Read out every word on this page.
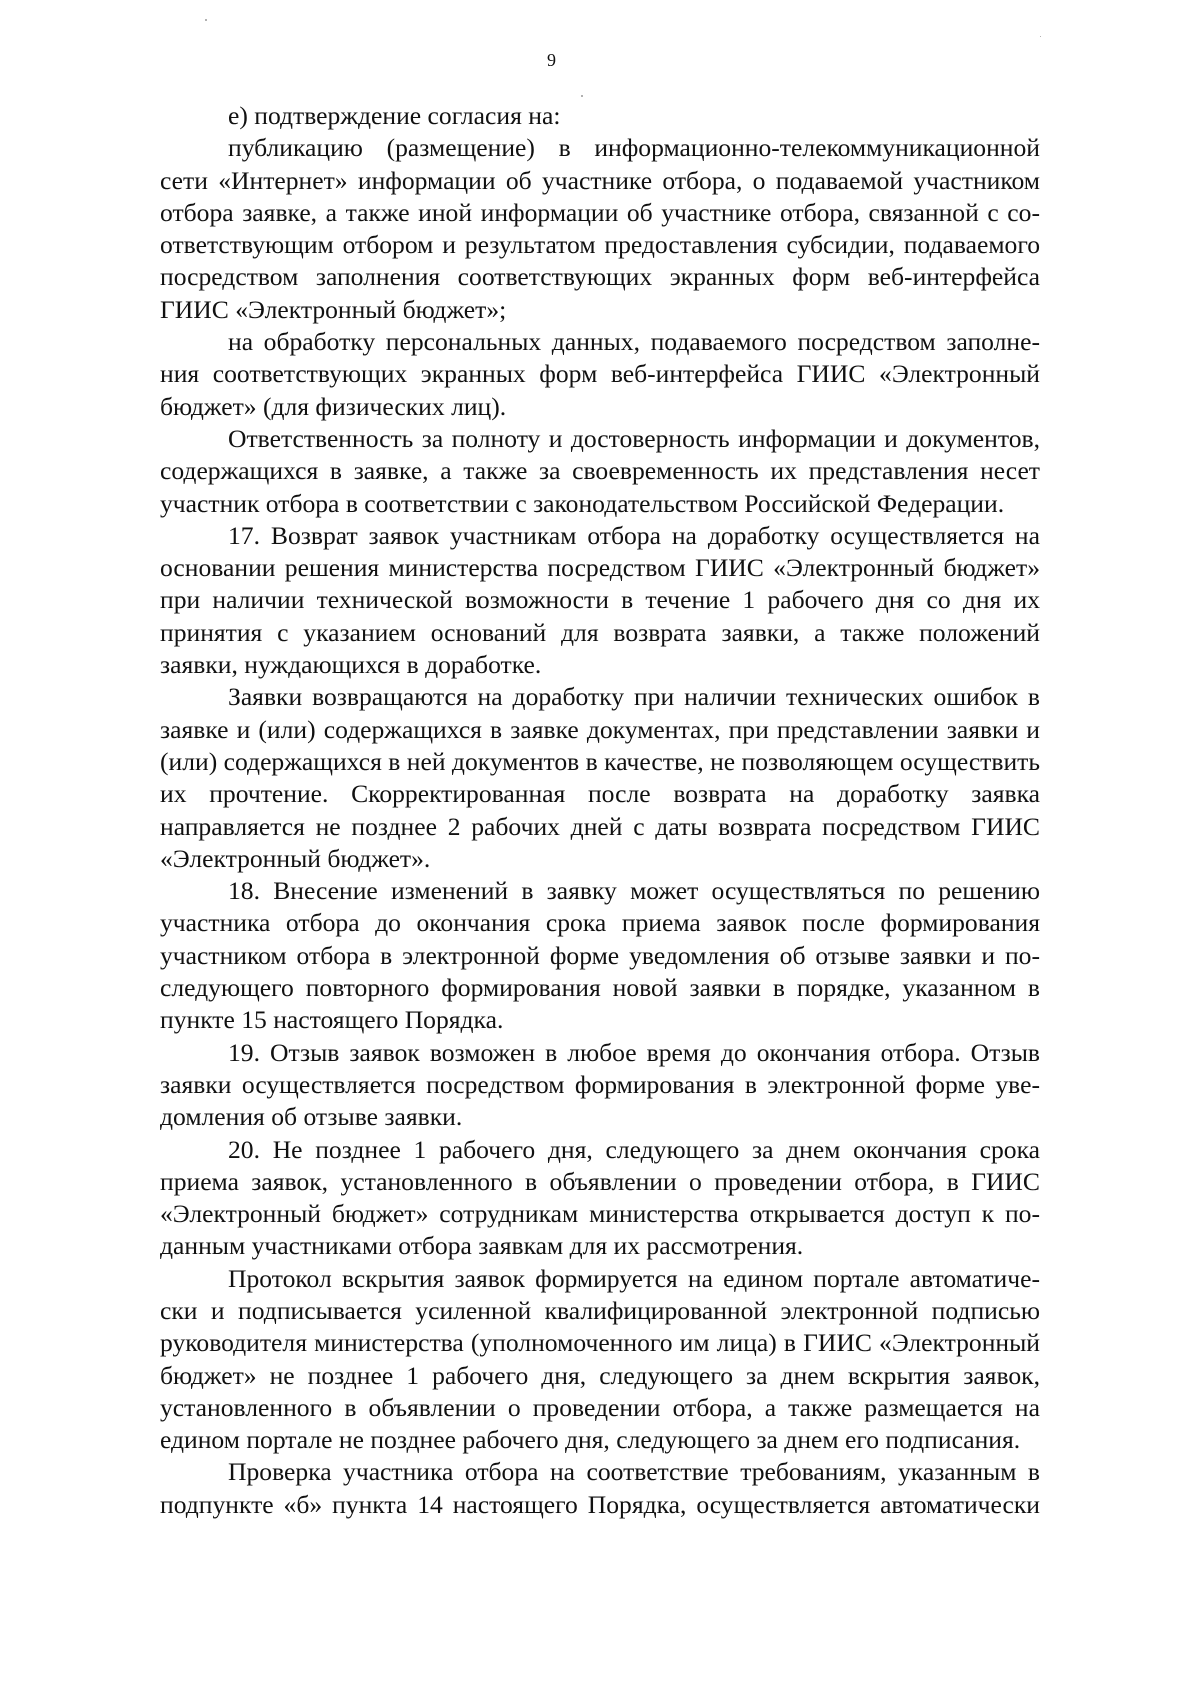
9

е) подтверждение согласия на:

публикацию (размещение) в информационно-телекоммуникационной сети «Интернет» информации об участнике отбора, о подаваемой участником отбора заявке, а также иной информации об участнике отбора, связанной с соответствующим отбором и результатом предоставления субсидии, подаваемого посредством заполнения соответствующих экранных форм веб-интерфейса ГИИС «Электронный бюджет»;

на обработку персональных данных, подаваемого посредством заполнения соответствующих экранных форм веб-интерфейса ГИИС «Электронный бюджет» (для физических лиц).

Ответственность за полноту и достоверность информации и документов, содержащихся в заявке, а также за своевременность их представления несет участник отбора в соответствии с законодательством Российской Федерации.

17. Возврат заявок участникам отбора на доработку осуществляется на основании решения министерства посредством ГИИС «Электронный бюджет» при наличии технической возможности в течение 1 рабочего дня со дня их принятия с указанием оснований для возврата заявки, а также положений заявки, нуждающихся в доработке.

Заявки возвращаются на доработку при наличии технических ошибок в заявке и (или) содержащихся в заявке документах, при представлении заявки и (или) содержащихся в ней документов в качестве, не позволяющем осуществить их прочтение. Скорректированная после возврата на доработку заявка направляется не позднее 2 рабочих дней с даты возврата посредством ГИИС «Электронный бюджет».

18. Внесение изменений в заявку может осуществляться по решению участника отбора до окончания срока приема заявок после формирования участником отбора в электронной форме уведомления об отзыве заявки и последующего повторного формирования новой заявки в порядке, указанном в пункте 15 настоящего Порядка.

19. Отзыв заявок возможен в любое время до окончания отбора. Отзыв заявки осуществляется посредством формирования в электронной форме уведомления об отзыве заявки.

20. Не позднее 1 рабочего дня, следующего за днем окончания срока приема заявок, установленного в объявлении о проведении отбора, в ГИИС «Электронный бюджет» сотрудникам министерства открывается доступ к поданным участниками отбора заявкам для их рассмотрения.

Протокол вскрытия заявок формируется на едином портале автоматически и подписывается усиленной квалифицированной электронной подписью руководителя министерства (уполномоченного им лица) в ГИИС «Электронный бюджет» не позднее 1 рабочего дня, следующего за днем вскрытия заявок, установленного в объявлении о проведении отбора, а также размещается на едином портале не позднее рабочего дня, следующего за днем его подписания.

Проверка участника отбора на соответствие требованиям, указанным в подпункте «б» пункта 14 настоящего Порядка, осуществляется автоматически
